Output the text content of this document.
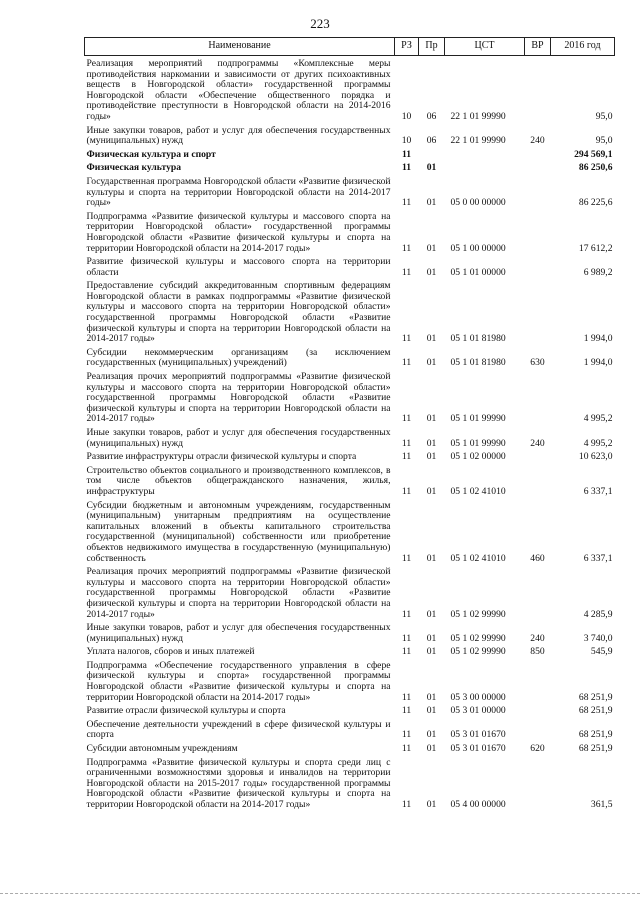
223
Наименование	РЗ	Пр	ЦСТ	ВР	2016 год
Реализация мероприятий подпрограммы «Комплексные меры противодействия наркомании и зависимости от других психоактивных веществ в Новгородской области» государственной программы Новгородской области «Обеспечение общественного порядка и противодействие преступности в Новгородской области на 2014-2016 годы»	10	06	22 1 01 99990		95,0
Иные закупки товаров, работ и услуг для обеспечения государственных (муниципальных) нужд	10	06	22 1 01 99990	240	95,0
Физическая культура и спорт	11				294 569,1
Физическая культура	11	01			86 250,6
Государственная программа Новгородской области «Развитие физической культуры и спорта на территории Новгородской области на 2014-2017 годы»	11	01	05 0 00 00000		86 225,6
Подпрограмма «Развитие физической культуры и массового спорта на территории Новгородской области» государственной программы Новгородской области «Развитие физической культуры и спорта на территории Новгородской области на 2014-2017 годы»	11	01	05 1 00 00000		17 612,2
Развитие физической культуры и массового спорта на территории области	11	01	05 1 01 00000		6 989,2
Предоставление субсидий аккредитованным спортивным федерациям Новгородской области в рамках подпрограммы «Развитие физической культуры и массового спорта на территории Новгородской области» государственной программы Новгородской области «Развитие физической культуры и спорта на территории Новгородской области на 2014-2017 годы»	11	01	05 1 01 81980		1 994,0
Субсидии некоммерческим организациям (за исключением государственных (муниципальных) учреждений)	11	01	05 1 01 81980	630	1 994,0
Реализация прочих мероприятий подпрограммы «Развитие физической культуры и массового спорта на территории Новгородской области» государственной программы Новгородской области «Развитие физической культуры и спорта на территории Новгородской области на 2014-2017 годы»	11	01	05 1 01 99990		4 995,2
Иные закупки товаров, работ и услуг для обеспечения государственных (муниципальных) нужд	11	01	05 1 01 99990	240	4 995,2
Развитие инфраструктуры отрасли физической культуры и спорта	11	01	05 1 02 00000		10 623,0
Строительство объектов социального и производственного комплексов, в том числе объектов общегражданского назначения, жилья, инфраструктуры	11	01	05 1 02 41010		6 337,1
Субсидии бюджетным и автономным учреждениям, государственным (муниципальным) унитарным предприятиям на осуществление капитальных вложений в объекты капитального строительства государственной (муниципальной) собственности или приобретение объектов недвижимого имущества в государственную (муниципальную) собственность	11	01	05 1 02 41010	460	6 337,1
Реализация прочих мероприятий подпрограммы «Развитие физической культуры и массового спорта на территории Новгородской области» государственной программы Новгородской области «Развитие физической культуры и спорта на территории Новгородской области на 2014-2017 годы»	11	01	05 1 02 99990		4 285,9
Иные закупки товаров, работ и услуг для обеспечения государственных (муниципальных) нужд	11	01	05 1 02 99990	240	3 740,0
Уплата налогов, сборов и иных платежей	11	01	05 1 02 99990	850	545,9
Подпрограмма «Обеспечение государственного управления в сфере физической культуры и спорта» государственной программы Новгородской области «Развитие физической культуры и спорта на территории Новгородской области на 2014-2017 годы»	11	01	05 3 00 00000		68 251,9
Развитие отрасли физической культуры и спорта	11	01	05 3 01 00000		68 251,9
Обеспечение деятельности учреждений в сфере физической культуры и спорта	11	01	05 3 01 01670		68 251,9
Субсидии автономным учреждениям	11	01	05 3 01 01670	620	68 251,9
Подпрограмма «Развитие физической культуры и спорта среди лиц с ограниченными возможностями здоровья и инвалидов на территории Новгородской области на 2015-2017 годы» государственной программы Новгородской области «Развитие физической культуры и спорта на территории Новгородской области на 2014-2017 годы»	11	01	05 4 00 00000		361,5
